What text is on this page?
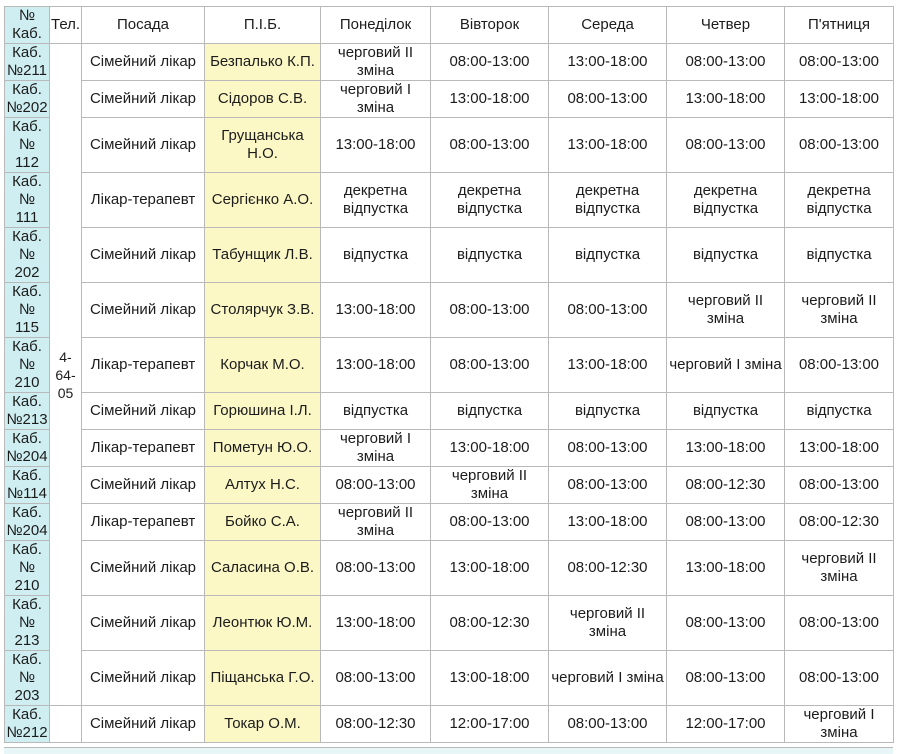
№ Каб.	Тел.	Посада	П.І.Б.	Понеділок	Вівторок	Середа	Четвер	П'ятниця
Каб. №211	4-64-05	Сімейний лікар	Безпалько К.П.	черговий II зміна	08:00-13:00	13:00-18:00	08:00-13:00	08:00-13:00
Каб. №202		Сімейний лікар	Сідоров С.В.	черговий І зміна	13:00-18:00	08:00-13:00	13:00-18:00	13:00-18:00
Каб. № 112		Сімейний лікар	Грущанська Н.О.	13:00-18:00	08:00-13:00	13:00-18:00	08:00-13:00	08:00-13:00
Каб. № 111		Лікар-терапевт	Сергієнко А.О.	декретна відпустка	декретна відпустка	декретна відпустка	декретна відпустка	декретна відпустка
Каб. № 202		Сімейний лікар	Табунщик Л.В.	відпустка	відпустка	відпустка	відпустка	відпустка
Каб. № 115		Сімейний лікар	Столярчук З.В.	13:00-18:00	08:00-13:00	08:00-13:00	черговий II зміна	черговий II зміна
Каб. № 210		Лікар-терапевт	Корчак М.О.	13:00-18:00	08:00-13:00	13:00-18:00	черговий І зміна	08:00-13:00
Каб. №213		Сімейний лікар	Горюшина І.Л.	відпустка	відпустка	відпустка	відпустка	відпустка
Каб. №204		Лікар-терапевт	Пометун Ю.О.	черговий І зміна	13:00-18:00	08:00-13:00	13:00-18:00	13:00-18:00
Каб. №114		Сімейний лікар	Алтух Н.С.	08:00-13:00	черговий II зміна	08:00-13:00	08:00-12:30	08:00-13:00
Каб. №204		Лікар-терапевт	Бойко С.А.	черговий II зміна	08:00-13:00	13:00-18:00	08:00-13:00	08:00-12:30
Каб. № 210		Сімейний лікар	Саласина О.В.	08:00-13:00	13:00-18:00	08:00-12:30	13:00-18:00	черговий II зміна
Каб. № 213		Сімейний лікар	Леонтюк Ю.М.	13:00-18:00	08:00-12:30	черговий II зміна	08:00-13:00	08:00-13:00
Каб. № 203		Сімейний лікар	Піщанська Г.О.	08:00-13:00	13:00-18:00	черговий І зміна	08:00-13:00	08:00-13:00
Каб. №212		Сімейний лікар	Токар О.М.	08:00-12:30	12:00-17:00	08:00-13:00	12:00-17:00	черговий І зміна
